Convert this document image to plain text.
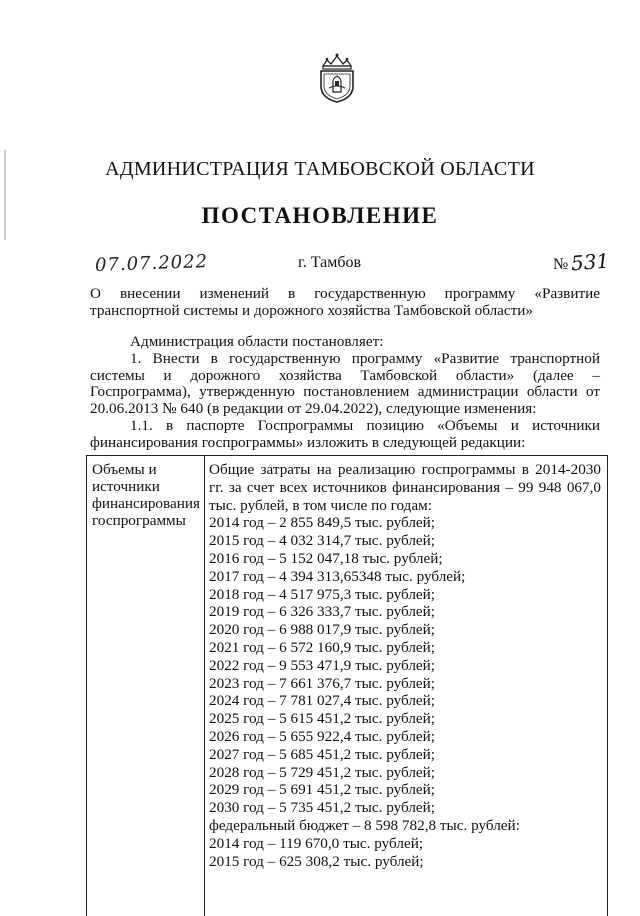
АДМИНИСТРАЦИЯ ТАМБОВСКОЙ ОБЛАСТИ
ПОСТАНОВЛЕНИЕ
07.07.2022	г. Тамбов	№ 531
О внесении изменений в государственную программу «Развитие транспортной системы и дорожного хозяйства Тамбовской области»
Администрация области постановляет:
1. Внести в государственную программу «Развитие транспортной системы и дорожного хозяйства Тамбовской области» (далее – Госпрограмма), утвержденную постановлением администрации области от 20.06.2013 № 640 (в редакции от 29.04.2022), следующие изменения:
1.1. в паспорте Госпрограммы позицию «Объемы и источники финансирования госпрограммы» изложить в следующей редакции:
Объемы и источники финансирования госпрограммы
Общие затраты на реализацию госпрограммы в 2014-2030 гг. за счет всех источников финансирования – 99 948 067,0 тыс. рублей, в том числе по годам:
2014 год – 2 855 849,5 тыс. рублей;
2015 год – 4 032 314,7 тыс. рублей;
2016 год – 5 152 047,18 тыс. рублей;
2017 год – 4 394 313,65348 тыс. рублей;
2018 год – 4 517 975,3 тыс. рублей;
2019 год – 6 326 333,7 тыс. рублей;
2020 год – 6 988 017,9 тыс. рублей;
2021 год – 6 572 160,9 тыс. рублей;
2022 год – 9 553 471,9 тыс. рублей;
2023 год – 7 661 376,7 тыс. рублей;
2024 год – 7 781 027,4 тыс. рублей;
2025 год – 5 615 451,2 тыс. рублей;
2026 год – 5 655 922,4 тыс. рублей;
2027 год – 5 685 451,2 тыс. рублей;
2028 год – 5 729 451,2 тыс. рублей;
2029 год – 5 691 451,2 тыс. рублей;
2030 год – 5 735 451,2 тыс. рублей;
федеральный бюджет – 8 598 782,8 тыс. рублей:
2014 год – 119 670,0 тыс. рублей;
2015 год – 625 308,2 тыс. рублей;
